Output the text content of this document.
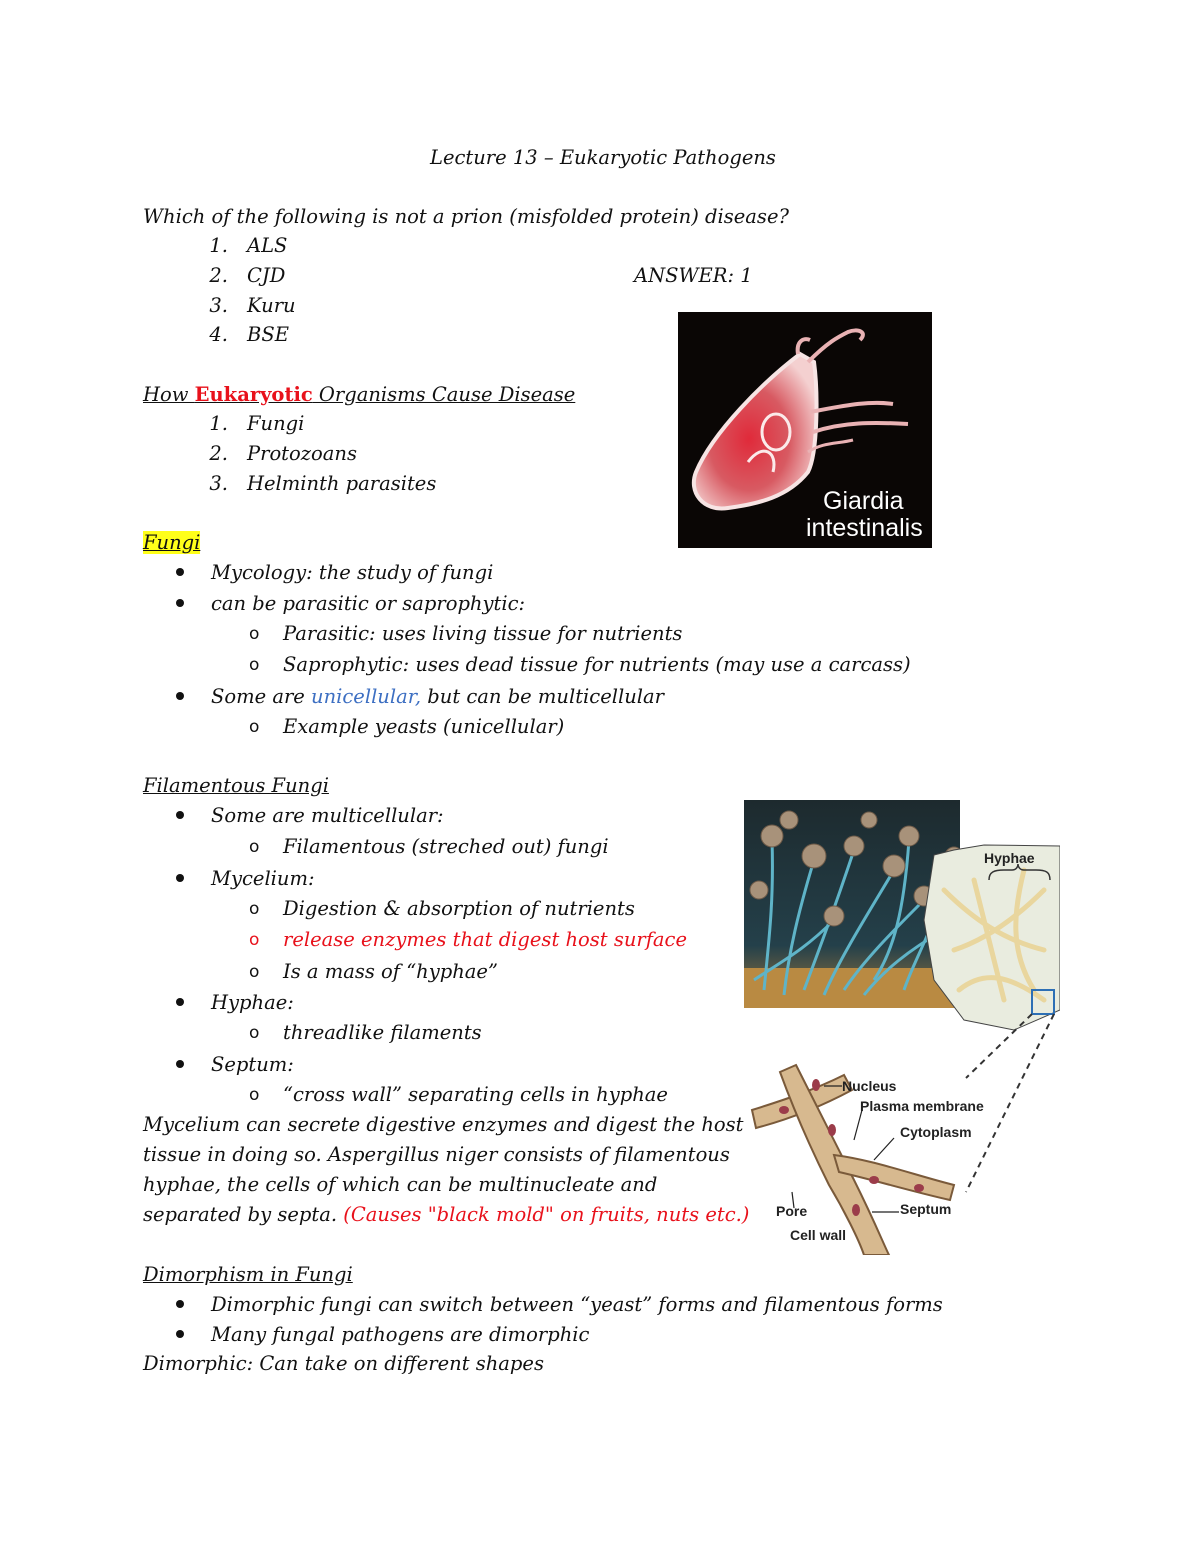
Lecture 13 – Eukaryotic Pathogens
Which of the following is not a prion (misfolded protein) disease?
1. ALS
2. CJD
3. Kuru
4. BSE
ANSWER: 1
Giardia
intestinalis
How Eukaryotic Organisms Cause Disease
1. Fungi
2. Protozoans
3. Helminth parasites
Fungi
Mycology: the study of fungi
can be parasitic or saprophytic:
o Parasitic: uses living tissue for nutrients
o Saprophytic: uses dead tissue for nutrients (may use a carcass)
Some are unicellular, but can be multicellular
o Example yeasts (unicellular)
Filamentous Fungi
Some are multicellular:
o Filamentous (streched out) fungi
Mycelium:
o Digestion & absorption of nutrients
o release enzymes that digest host surface
o Is a mass of “hyphae”
Hyphae:
o threadlike filaments
Septum:
o “cross wall” separating cells in hyphae
Mycelium can secrete digestive enzymes and digest the host
tissue in doing so. Aspergillus niger consists of filamentous
hyphae, the cells of which can be multinucleate and
separated by septa. (Causes "black mold" on fruits, nuts etc.)
Hyphae
Nucleus
Plasma membrane
Cytoplasm
Pore	Septum
Cell wall
Dimorphism in Fungi
Dimorphic fungi can switch between “yeast” forms and filamentous forms
Many fungal pathogens are dimorphic
Dimorphic: Can take on different shapes
